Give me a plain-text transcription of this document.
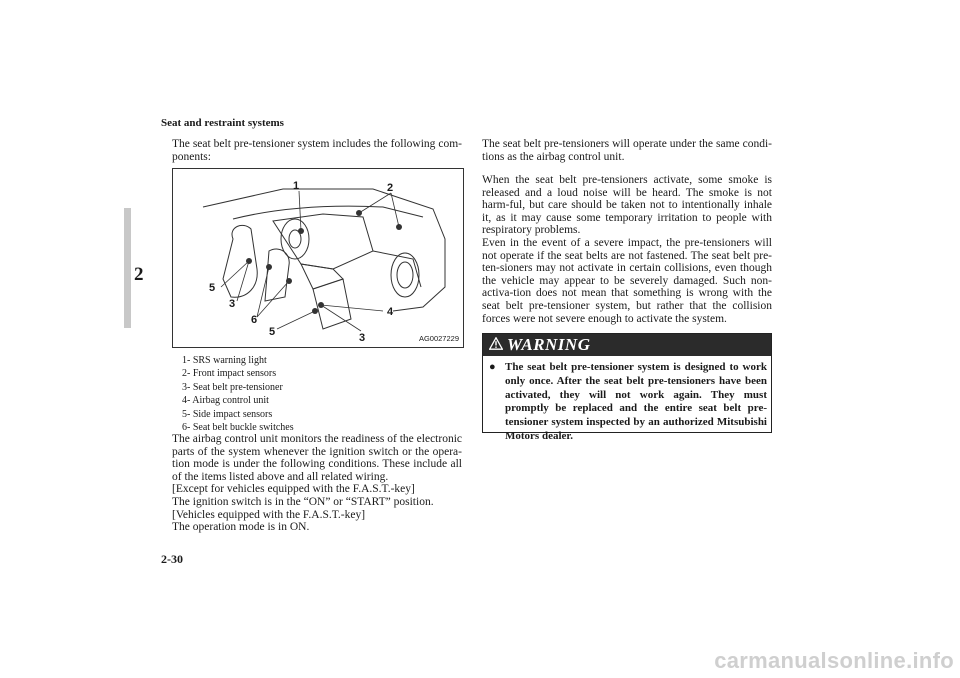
Seat and restraint systems
2
The seat belt pre-tensioner system includes the following com-ponents:
1	2
5
3
6
5
4
3	AG0027229
1- SRS warning light
2- Front impact sensors
3- Seat belt pre-tensioner
4- Airbag control unit
5- Side impact sensors
6- Seat belt buckle switches
The airbag control unit monitors the readiness of the electronic parts of the system whenever the ignition switch or the opera-tion mode is under the following conditions. These include all of the items listed above and all related wiring.
[Except for vehicles equipped with the F.A.S.T.-key]
The ignition switch is in the “ON” or “START” position.
[Vehicles equipped with the F.A.S.T.-key]
The operation mode is in ON.
The seat belt pre-tensioners will operate under the same condi-tions as the airbag control unit.
When the seat belt pre-tensioners activate, some smoke is released and a loud noise will be heard. The smoke is not harm-ful, but care should be taken not to intentionally inhale it, as it may cause some temporary irritation to people with respiratory problems.
Even in the event of a severe impact, the pre-tensioners will not operate if the seat belts are not fastened. The seat belt pre-ten-sioners may not activate in certain collisions, even though the vehicle may appear to be severely damaged. Such non-activa-tion does not mean that something is wrong with the seat belt pre-tensioner system, but rather that the collision forces were not severe enough to activate the system.
WARNING
● The seat belt pre-tensioner system is designed to work only once. After the seat belt pre-tensioners have been activated, they will not work again. They must promptly be replaced and the entire seat belt pre-tensioner system inspected by an authorized Mitsubishi Motors dealer.
2-30
carmanualsonline.info
